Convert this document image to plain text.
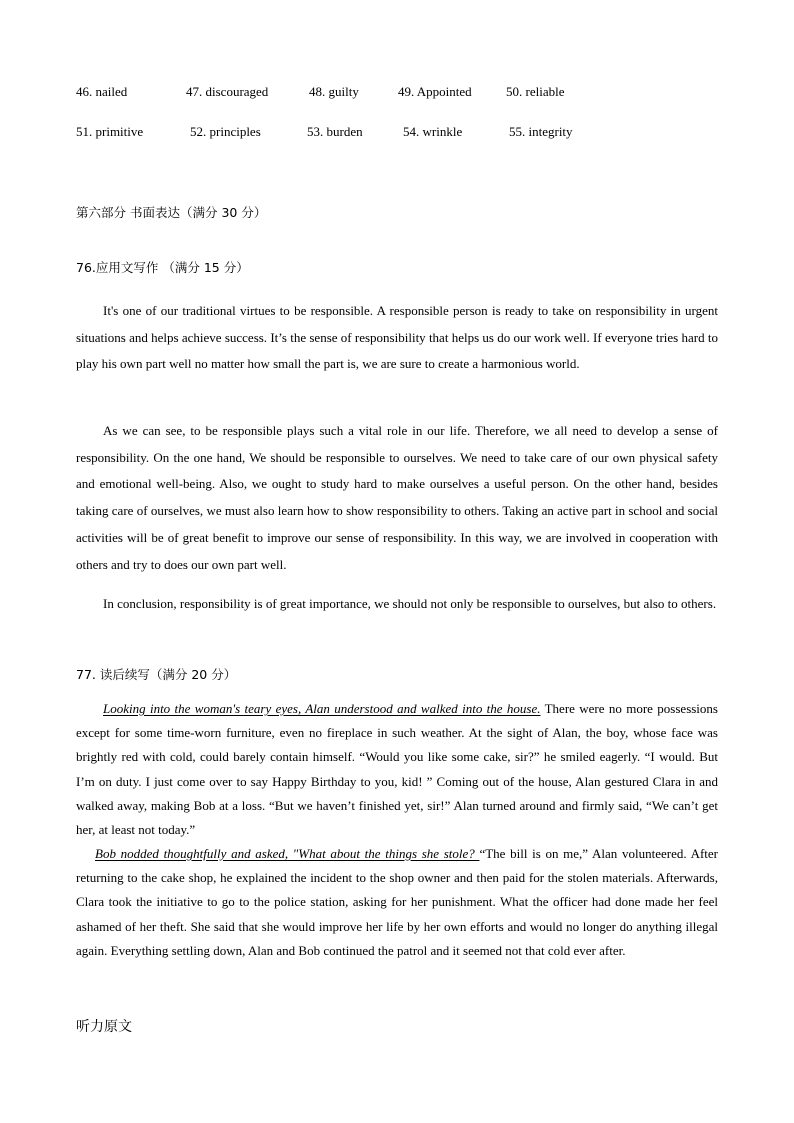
46. nailed	47. discouraged	48. guilty	49. Appointed	50. reliable
51. primitive	52. principles	53. burden	54. wrinkle	55. integrity
第六部分 书面表达（满分 30 分）
76.应用文写作 （满分 15 分）

It's one of our traditional virtues to be responsible. A responsible person is ready to take on responsibility in urgent situations and helps achieve success. It’s the sense of responsibility that helps us do our work well. If everyone tries hard to play his own part well no matter how small the part is, we are sure to create a harmonious world.

As we can see, to be responsible plays such a vital role in our life. Therefore, we all need to develop a sense of responsibility. On the one hand, We should be responsible to ourselves. We need to take care of our own physical safety and emotional well-being. Also, we ought to study hard to make ourselves a useful person. On the other hand, besides taking care of ourselves, we must also learn how to show responsibility to others. Taking an active part in school and social activities will be of great benefit to improve our sense of responsibility. In this way, we are involved in cooperation with others and try to does our own part well.

In conclusion, responsibility is of great importance, we should not only be responsible to ourselves, but also to others.

77. 读后续写（满分 20 分）

Looking into the woman's teary eyes, Alan understood and walked into the house. There were no more possessions except for some time-worn furniture, even no fireplace in such weather. At the sight of Alan, the boy, whose face was brightly red with cold, could barely contain himself. “Would you like some cake, sir?” he smiled eagerly. “I would. But I’m on duty. I just come over to say Happy Birthday to you, kid! ” Coming out of the house, Alan gestured Clara in and walked away, making Bob at a loss. “But we haven’t finished yet, sir!” Alan turned around and firmly said, “We can’t get her, at least not today.”

Bob nodded thoughtfully and asked, "What about the things she stole? “The bill is on me,” Alan volunteered. After returning to the cake shop, he explained the incident to the shop owner and then paid for the stolen materials. Afterwards, Clara took the initiative to go to the police station, asking for her punishment. What the officer had done made her feel ashamed of her theft. She said that she would improve her life by her own efforts and would no longer do anything illegal again. Everything settling down, Alan and Bob continued the patrol and it seemed not that cold ever after.

听力原文
